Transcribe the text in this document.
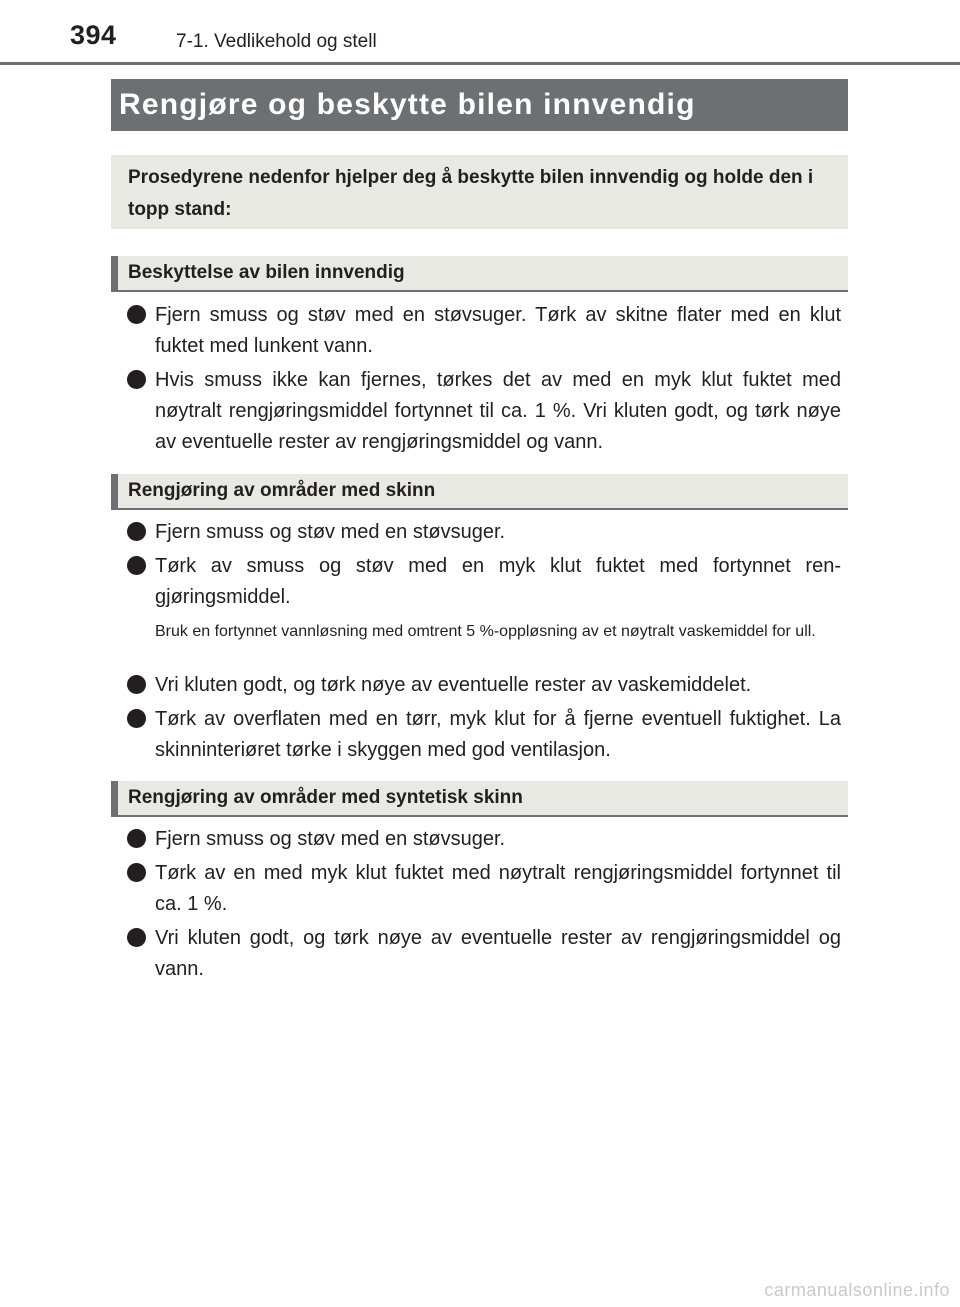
394	7-1. Vedlikehold og stell
Rengjøre og beskytte bilen innvendig
Prosedyrene nedenfor hjelper deg å beskytte bilen innvendig og holde den i topp stand:
Beskyttelse av bilen innvendig
Fjern smuss og støv med en støvsuger. Tørk av skitne flater med en klut fuktet med lunkent vann.
Hvis smuss ikke kan fjernes, tørkes det av med en myk klut fuktet med nøytralt rengjøringsmiddel fortynnet til ca. 1 %. Vri kluten godt, og tørk nøye av eventuelle rester av rengjøringsmiddel og vann.
Rengjøring av områder med skinn
Fjern smuss og støv med en støvsuger.
Tørk av smuss og støv med en myk klut fuktet med fortynnet rengjøringsmiddel.
Bruk en fortynnet vannløsning med omtrent 5 %-oppløsning av et nøytralt vaskemiddel for ull.
Vri kluten godt, og tørk nøye av eventuelle rester av vaskemiddelet.
Tørk av overflaten med en tørr, myk klut for å fjerne eventuell fuktighet. La skinninteriøret tørke i skyggen med god ventilasjon.
Rengjøring av områder med syntetisk skinn
Fjern smuss og støv med en støvsuger.
Tørk av en med myk klut fuktet med nøytralt rengjøringsmiddel fortynnet til ca. 1 %.
Vri kluten godt, og tørk nøye av eventuelle rester av rengjøringsmiddel og vann.
carmanualsonline.info
